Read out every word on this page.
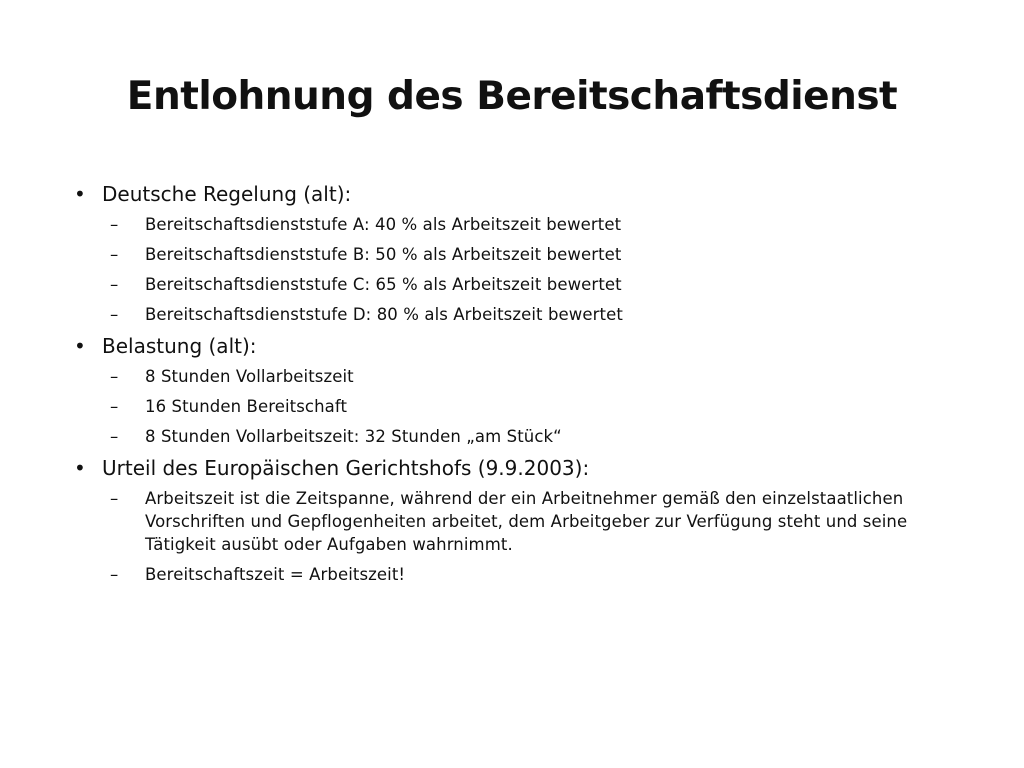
Entlohnung des Bereitschaftsdienst
• Deutsche Regelung (alt):
– Bereitschaftsdienststufe A: 40 % als Arbeitszeit bewertet
– Bereitschaftsdienststufe B: 50 % als Arbeitszeit bewertet
– Bereitschaftsdienststufe C: 65 % als Arbeitszeit bewertet
– Bereitschaftsdienststufe D: 80 % als Arbeitszeit bewertet
• Belastung (alt):
– 8 Stunden Vollarbeitszeit
– 16 Stunden Bereitschaft
– 8 Stunden Vollarbeitszeit: 32 Stunden „am Stück“
• Urteil des Europäischen Gerichtshofs (9.9.2003):
– Arbeitszeit ist die Zeitspanne, während der ein Arbeitnehmer gemäß den einzelstaatlichen Vorschriften und Gepflogenheiten arbeitet, dem Arbeitgeber zur Verfügung steht und seine Tätigkeit ausübt oder Aufgaben wahrnimmt.
– Bereitschaftszeit = Arbeitszeit!
